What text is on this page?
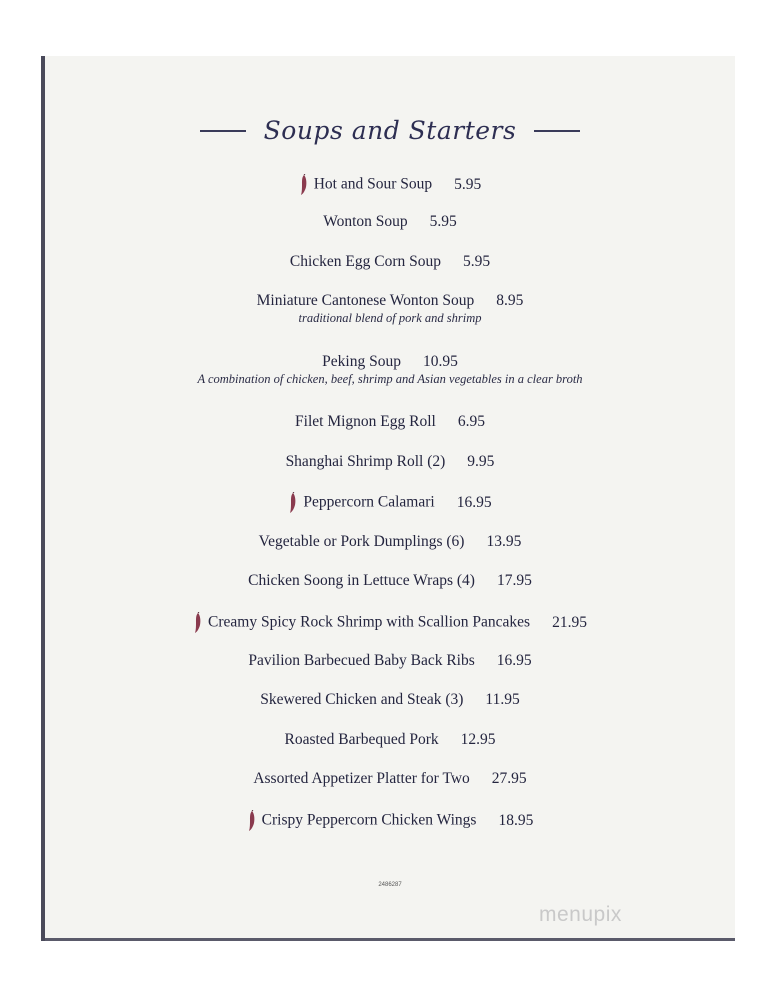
Soups and Starters
Hot and Sour Soup 5.95
Wonton Soup 5.95
Chicken Egg Corn Soup 5.95
Miniature Cantonese Wonton Soup 8.95
traditional blend of pork and shrimp
Peking Soup 10.95
A combination of chicken, beef, shrimp and Asian vegetables in a clear broth
Filet Mignon Egg Roll 6.95
Shanghai Shrimp Roll (2) 9.95
Peppercorn Calamari 16.95
Vegetable or Pork Dumplings (6) 13.95
Chicken Soong in Lettuce Wraps (4) 17.95
Creamy Spicy Rock Shrimp with Scallion Pancakes 21.95
Pavilion Barbecued Baby Back Ribs 16.95
Skewered Chicken and Steak (3) 11.95
Roasted Barbequed Pork 12.95
Assorted Appetizer Platter for Two 27.95
Crispy Peppercorn Chicken Wings 18.95
2486287
menupix
